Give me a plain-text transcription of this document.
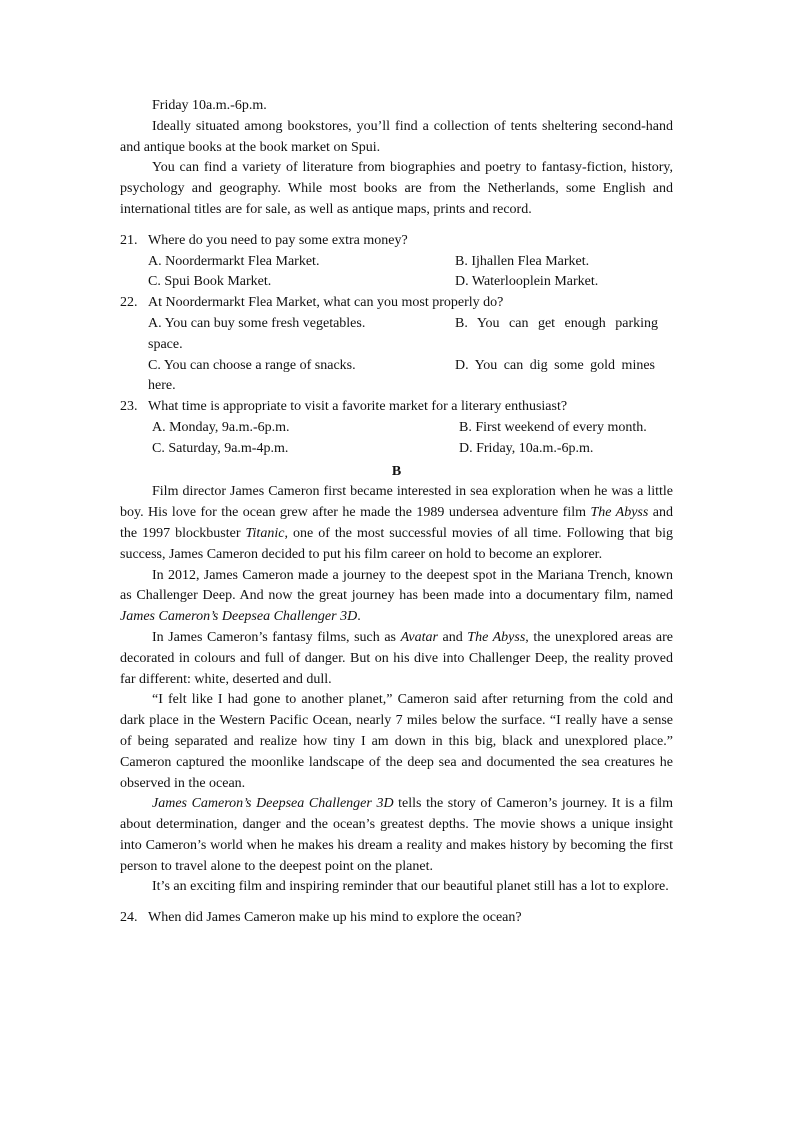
Friday 10a.m.-6p.m.

Ideally situated among bookstores, you’ll find a collection of tents sheltering second-hand and antique books at the book market on Spui.

You can find a variety of literature from biographies and poetry to fantasy-fiction, history, psychology and geography. While most books are from the Netherlands, some English and international titles are for sale, as well as antique maps, prints and record.

21. Where do you need to pay some extra money?
A. Noordermarkt Flea Market.	B. Ijhallen Flea Market.
C. Spui Book Market.	D. Waterlooplein Market.
22. At Noordermarkt Flea Market, what can you most properly do?
A. You can buy some fresh vegetables.	B. You can get enough parking
space.
C. You can choose a range of snacks.	D. You can dig some gold mines
here.
23. What time is appropriate to visit a favorite market for a literary enthusiast?
A. Monday, 9a.m.-6p.m.	B. First weekend of every month.
C. Saturday, 9a.m-4p.m.	D. Friday, 10a.m.-6p.m.

B

Film director James Cameron first became interested in sea exploration when he was a little boy. His love for the ocean grew after he made the 1989 undersea adventure film The Abyss and the 1997 blockbuster Titanic, one of the most successful movies of all time. Following that big success, James Cameron decided to put his film career on hold to become an explorer.

In 2012, James Cameron made a journey to the deepest spot in the Mariana Trench, known as Challenger Deep. And now the great journey has been made into a documentary film, named James Cameron’s Deepsea Challenger 3D.

In James Cameron’s fantasy films, such as Avatar and The Abyss, the unexplored areas are decorated in colours and full of danger. But on his dive into Challenger Deep, the reality proved far different: white, deserted and dull.

“I felt like I had gone to another planet,” Cameron said after returning from the cold and dark place in the Western Pacific Ocean, nearly 7 miles below the surface. “I really have a sense of being separated and realize how tiny I am down in this big, black and unexplored place.” Cameron captured the moonlike landscape of the deep sea and documented the sea creatures he observed in the ocean.

James Cameron’s Deepsea Challenger 3D tells the story of Cameron’s journey. It is a film about determination, danger and the ocean’s greatest depths. The movie shows a unique insight into Cameron’s world when he makes his dream a reality and makes history by becoming the first person to travel alone to the deepest point on the planet.

It’s an exciting film and inspiring reminder that our beautiful planet still has a lot to explore.

24. When did James Cameron make up his mind to explore the ocean?
